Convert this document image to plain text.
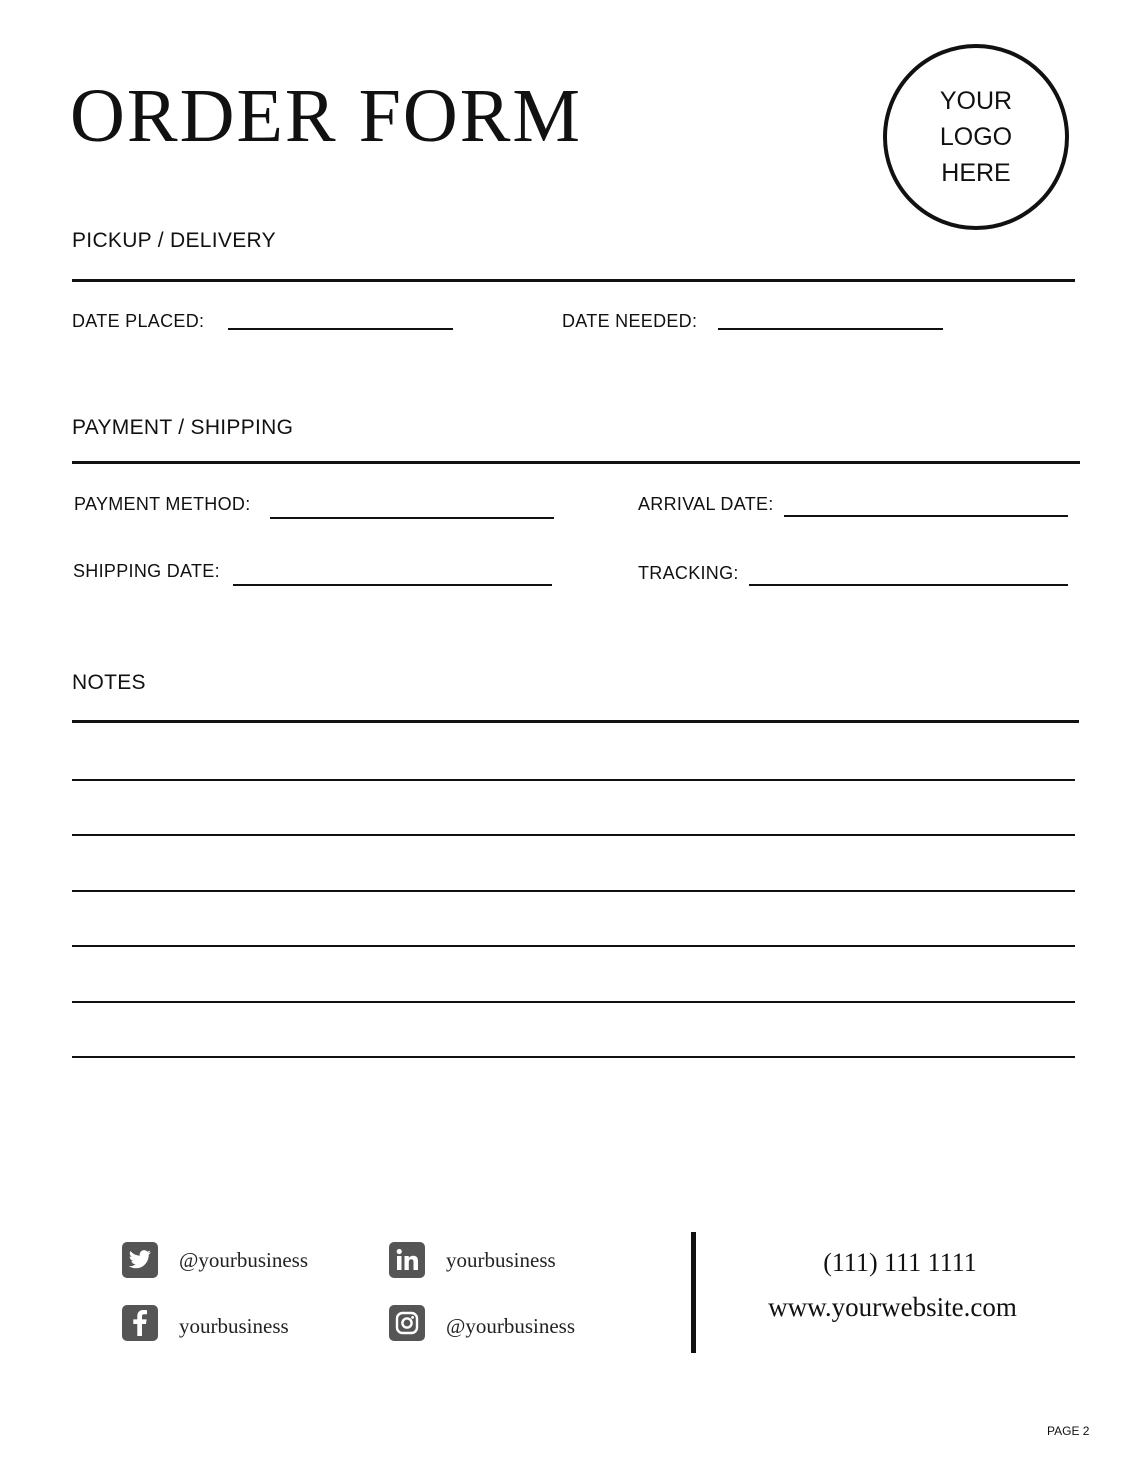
ORDER FORM	YOUR
LOGO
HERE
PICKUP / DELIVERY
DATE PLACED:	DATE NEEDED:
PAYMENT / SHIPPING
PAYMENT METHOD:	ARRIVAL DATE:
SHIPPING DATE:	TRACKING:
NOTES
@yourbusiness	yourbusiness
yourbusiness	@yourbusiness
(111) 111 1111
www.yourwebsite.com
PAGE 2
